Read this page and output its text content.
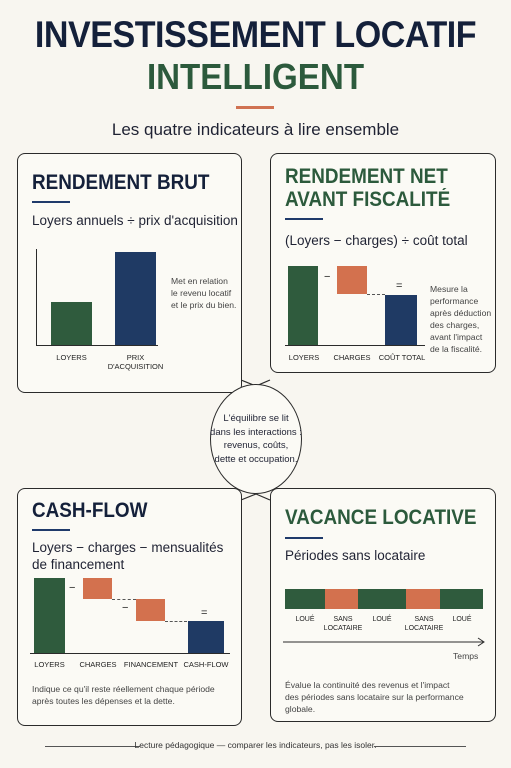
INVESTISSEMENT LOCATIF
INTELLIGENT
Les quatre indicateurs à lire ensemble
RENDEMENT BRUT
Loyers annuels ÷ prix d'acquisition
LOYERS	PRIX
D'ACQUISITION
Met en relation
le revenu locatif
et le prix du bien.
RENDEMENT NET
AVANT FISCALITÉ
(Loyers − charges) ÷ coût total
−
=
LOYERS	CHARGES	COÛT TOTAL
Mesure la
performance
après déduction
des charges,
avant l'impact
de la fiscalité.
L'équilibre se lit
dans les interactions :
revenus, coûts,
dette et occupation.
CASH-FLOW
Loyers − charges − mensualités
de financement
−
−	=
LOYERS	CHARGES FINANCEMENT CASH-FLOW
Indique ce qu'il reste réellement chaque période
après toutes les dépenses et la dette.
VACANCE LOCATIVE
Périodes sans locataire
LOUÉ	SANS
LOCATAIRE
LOUÉ	SANS
LOCATAIRE
LOUÉ
Temps
Évalue la continuité des revenus et l'impact
des périodes sans locataire sur la performance globale.
Lecture pédagogique — comparer les indicateurs, pas les isoler.
